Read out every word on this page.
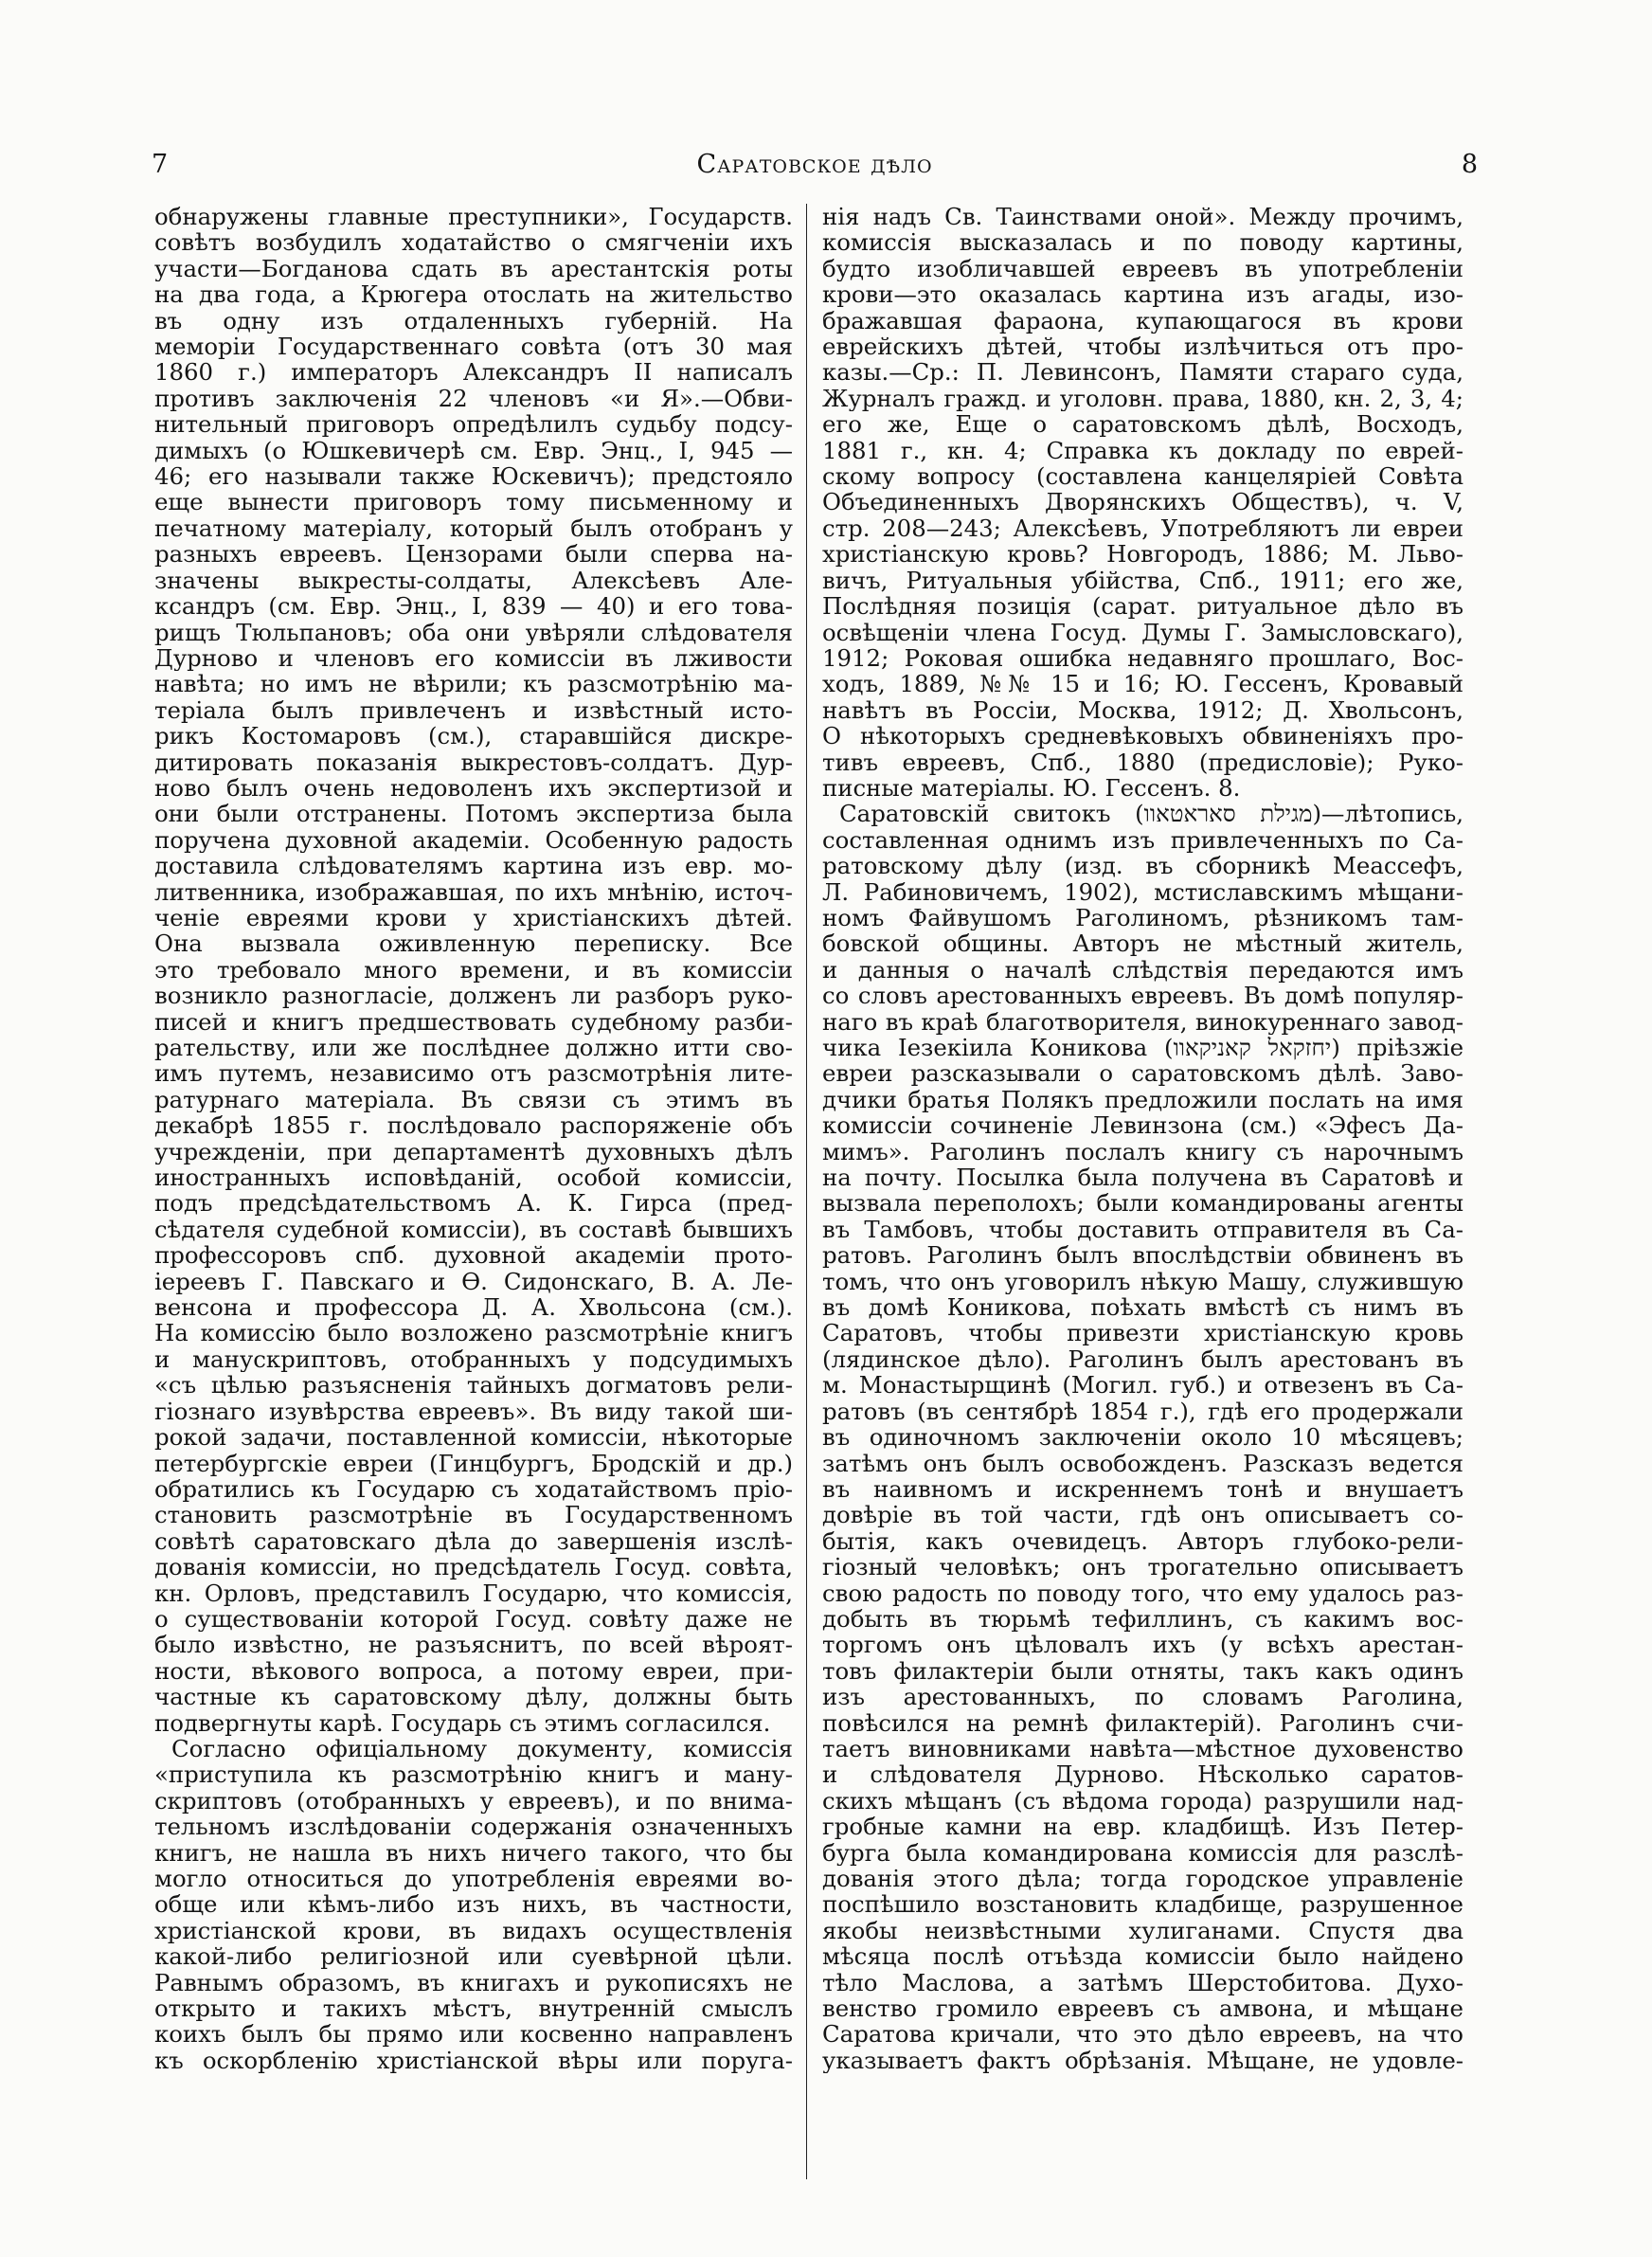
7	Саратовское дѣло	8
обнаружены главные преступники», Государств.
совѣтъ возбудилъ ходатайство о смягченіи ихъ
участи—Богданова сдать въ арестантскія роты
на два года, а Крюгера отослать на жительство
въ одну изъ отдаленныхъ губерній. На
меморіи Государственнаго совѣта (отъ 30 мая
1860 г.) императоръ Александръ II написалъ
противъ заключенія 22 членовъ «и Я».—Обви-
нительный приговоръ опредѣлилъ судьбу подсу-
димыхъ (о Юшкевичерѣ см. Евр. Энц., I, 945 —
46; его называли также Юскевичъ); предстояло
еще вынести приговоръ тому письменному и
печатному матеріалу, который былъ отобранъ у
разныхъ евреевъ. Цензорами были сперва на-
значены выкресты-солдаты, Алексѣевъ Але-
ксандръ (см. Евр. Энц., I, 839 — 40) и его това-
рищъ Тюльпановъ; оба они увѣряли слѣдователя
Дурново и членовъ его комиссіи въ лживости
навѣта; но имъ не вѣрили; къ разсмотрѣнію ма-
теріала былъ привлеченъ и извѣстный исто-
рикъ Костомаровъ (см.), старавшійся дискре-
дитировать показанія выкрестовъ-солдатъ. Дур-
ново былъ очень недоволенъ ихъ экспертизой и
они были отстранены. Потомъ экспертиза была
поручена духовной академіи. Особенную радость
доставила слѣдователямъ картина изъ евр. мо-
литвенника, изображавшая, по ихъ мнѣнію, источ-
ченіе евреями крови у христіанскихъ дѣтей.
Она вызвала оживленную переписку. Все
это требовало много времени, и въ комиссіи
возникло разногласіе, долженъ ли разборъ руко-
писей и книгъ предшествовать судебному разби-
рательству, или же послѣднее должно итти сво-
имъ путемъ, независимо отъ разсмотрѣнія лите-
ратурнаго матеріала. Въ связи съ этимъ въ
декабрѣ 1855 г. послѣдовало распоряженіе объ
учрежденіи, при департаментѣ духовныхъ дѣлъ
иностранныхъ исповѣданій, особой комиссіи,
подъ предсѣдательствомъ А. К. Гирса (пред-
сѣдателя судебной комиссіи), въ составѣ бывшихъ
профессоровъ спб. духовной академіи прото-
іереевъ Г. Павскаго и Ѳ. Сидонскаго, В. А. Ле-
венсона и профессора Д. А. Хвольсона (см.).
На комиссію было возложено разсмотрѣніе книгъ
и манускриптовъ, отобранныхъ у подсудимыхъ
«съ цѣлью разъясненія тайныхъ догматовъ рели-
гіознаго изувѣрства евреевъ». Въ виду такой ши-
рокой задачи, поставленной комиссіи, нѣкоторые
петербургскіе евреи (Гинцбургъ, Бродскій и др.)
обратились къ Государю съ ходатайствомъ пріо-
становить разсмотрѣніе въ Государственномъ
совѣтѣ саратовскаго дѣла до завершенія изслѣ-
дованія комиссіи, но предсѣдатель Госуд. совѣта,
кн. Орловъ, представилъ Государю, что комиссія,
о существованіи которой Госуд. совѣту даже не
было извѣстно, не разъяснитъ, по всей вѣроят-
ности, вѣкового вопроса, а потому евреи, при-
частные къ саратовскому дѣлу, должны быть
подвергнуты карѣ. Государь съ этимъ согласился.
Согласно офиціальному документу, комиссія
«приступила къ разсмотрѣнію книгъ и ману-
скриптовъ (отобранныхъ у евреевъ), и по внима-
тельномъ изслѣдованіи содержанія означенныхъ
книгъ, не нашла въ нихъ ничего такого, что бы
могло относиться до употребленія евреями во-
обще или кѣмъ-либо изъ нихъ, въ частности,
христіанской крови, въ видахъ осуществленія
какой-либо религіозной или суевѣрной цѣли.
Равнымъ образомъ, въ книгахъ и рукописяхъ не
открыто и такихъ мѣстъ, внутренній смыслъ
коихъ былъ бы прямо или косвенно направленъ
къ оскорбленію христіанской вѣры или поруга-
нія надъ Св. Таинствами оной». Между прочимъ,
комиссія высказалась и по поводу картины,
будто изобличавшей евреевъ въ употребленіи
крови—это оказалась картина изъ агады, изо-
бражавшая фараона, купающагося въ крови
еврейскихъ дѣтей, чтобы излѣчиться отъ про-
казы.—Ср.: П. Левинсонъ, Памяти стараго суда,
Журналъ гражд. и уголовн. права, 1880, кн. 2, 3, 4;
его же, Еще о саратовскомъ дѣлѣ, Восходъ,
1881 г., кн. 4; Справка къ докладу по еврей-
скому вопросу (составлена канцеляріей Совѣта
Объединенныхъ Дворянскихъ Обществъ), ч. V,
стр. 208—243; Алексѣевъ, Употребляютъ ли евреи
христіанскую кровь? Новгородъ, 1886; М. Льво-
вичъ, Ритуальныя убійства, Спб., 1911; его же,
Послѣдняя позиція (сарат. ритуальное дѣло въ
освѣщеніи члена Госуд. Думы Г. Замысловскаго),
1912; Роковая ошибка недавняго прошлаго, Вос-
ходъ, 1889, №№ 15 и 16; Ю. Гессенъ, Кровавый
навѣтъ въ Россіи, Москва, 1912; Д. Хвольсонъ,
О нѣкоторыхъ средневѣковыхъ обвиненіяхъ про-
тивъ евреевъ, Спб., 1880 (предисловіе); Руко-
писные матеріалы. Ю. Гессенъ. 8.
Саратовскій свитокъ (מגילת סאראטאוו)—лѣтопись,
составленная однимъ изъ привлеченныхъ по Са-
ратовскому дѣлу (изд. въ сборникѣ Меассефъ,
Л. Рабиновичемъ, 1902), мстиславскимъ мѣщани-
номъ Файвушомъ Раголиномъ, рѣзникомъ там-
бовской общины. Авторъ не мѣстный житель,
и данныя о началѣ слѣдствія передаются имъ
со словъ арестованныхъ евреевъ. Въ домѣ популяр-
наго въ краѣ благотворителя, винокуреннаго завод-
чика Іезекіила Коникова (יחזקאל קאניקאוו) пріѣзжіе
евреи разсказывали о саратовскомъ дѣлѣ. Заво-
дчики братья Полякъ предложили послать на имя
комиссіи сочиненіе Левинзона (см.) «Эфесъ Да-
мимъ». Раголинъ послалъ книгу съ нарочнымъ
на почту. Посылка была получена въ Саратовѣ и
вызвала переполохъ; были командированы агенты
въ Тамбовъ, чтобы доставить отправителя въ Са-
ратовъ. Раголинъ былъ впослѣдствіи обвиненъ въ
томъ, что онъ уговорилъ нѣкую Машу, служившую
въ домѣ Коникова, поѣхать вмѣстѣ съ нимъ въ
Саратовъ, чтобы привезти христіанскую кровь
(лядинское дѣло). Раголинъ былъ арестованъ въ
м. Монастырщинѣ (Могил. губ.) и отвезенъ въ Са-
ратовъ (въ сентябрѣ 1854 г.), гдѣ его продержали
въ одиночномъ заключеніи около 10 мѣсяцевъ;
затѣмъ онъ былъ освобожденъ. Разсказъ ведется
въ наивномъ и искреннемъ тонѣ и внушаетъ
довѣріе въ той части, гдѣ онъ описываетъ со-
бытія, какъ очевидецъ. Авторъ глубоко-рели-
гіозный человѣкъ; онъ трогательно описываетъ
свою радость по поводу того, что ему удалось раз-
добыть въ тюрьмѣ тефиллинъ, съ какимъ вос-
торгомъ онъ цѣловалъ ихъ (у всѣхъ арестан-
товъ филактеріи были отняты, такъ какъ одинъ
изъ арестованныхъ, по словамъ Раголина,
повѣсился на ремнѣ филактерій). Раголинъ счи-
таетъ виновниками навѣта—мѣстное духовенство
и слѣдователя Дурново. Нѣсколько саратов-
скихъ мѣщанъ (съ вѣдома города) разрушили над-
гробные камни на евр. кладбищѣ. Изъ Петер-
бурга была командирована комиссія для разслѣ-
дованія этого дѣла; тогда городское управленіе
поспѣшило возстановить кладбище, разрушенное
якобы неизвѣстными хулиганами. Спустя два
мѣсяца послѣ отъѣзда комиссіи было найдено
тѣло Маслова, а затѣмъ Шерстобитова. Духо-
венство громило евреевъ съ амвона, и мѣщане
Саратова кричали, что это дѣло евреевъ, на что
указываетъ фактъ обрѣзанія. Мѣщане, не удовле-
